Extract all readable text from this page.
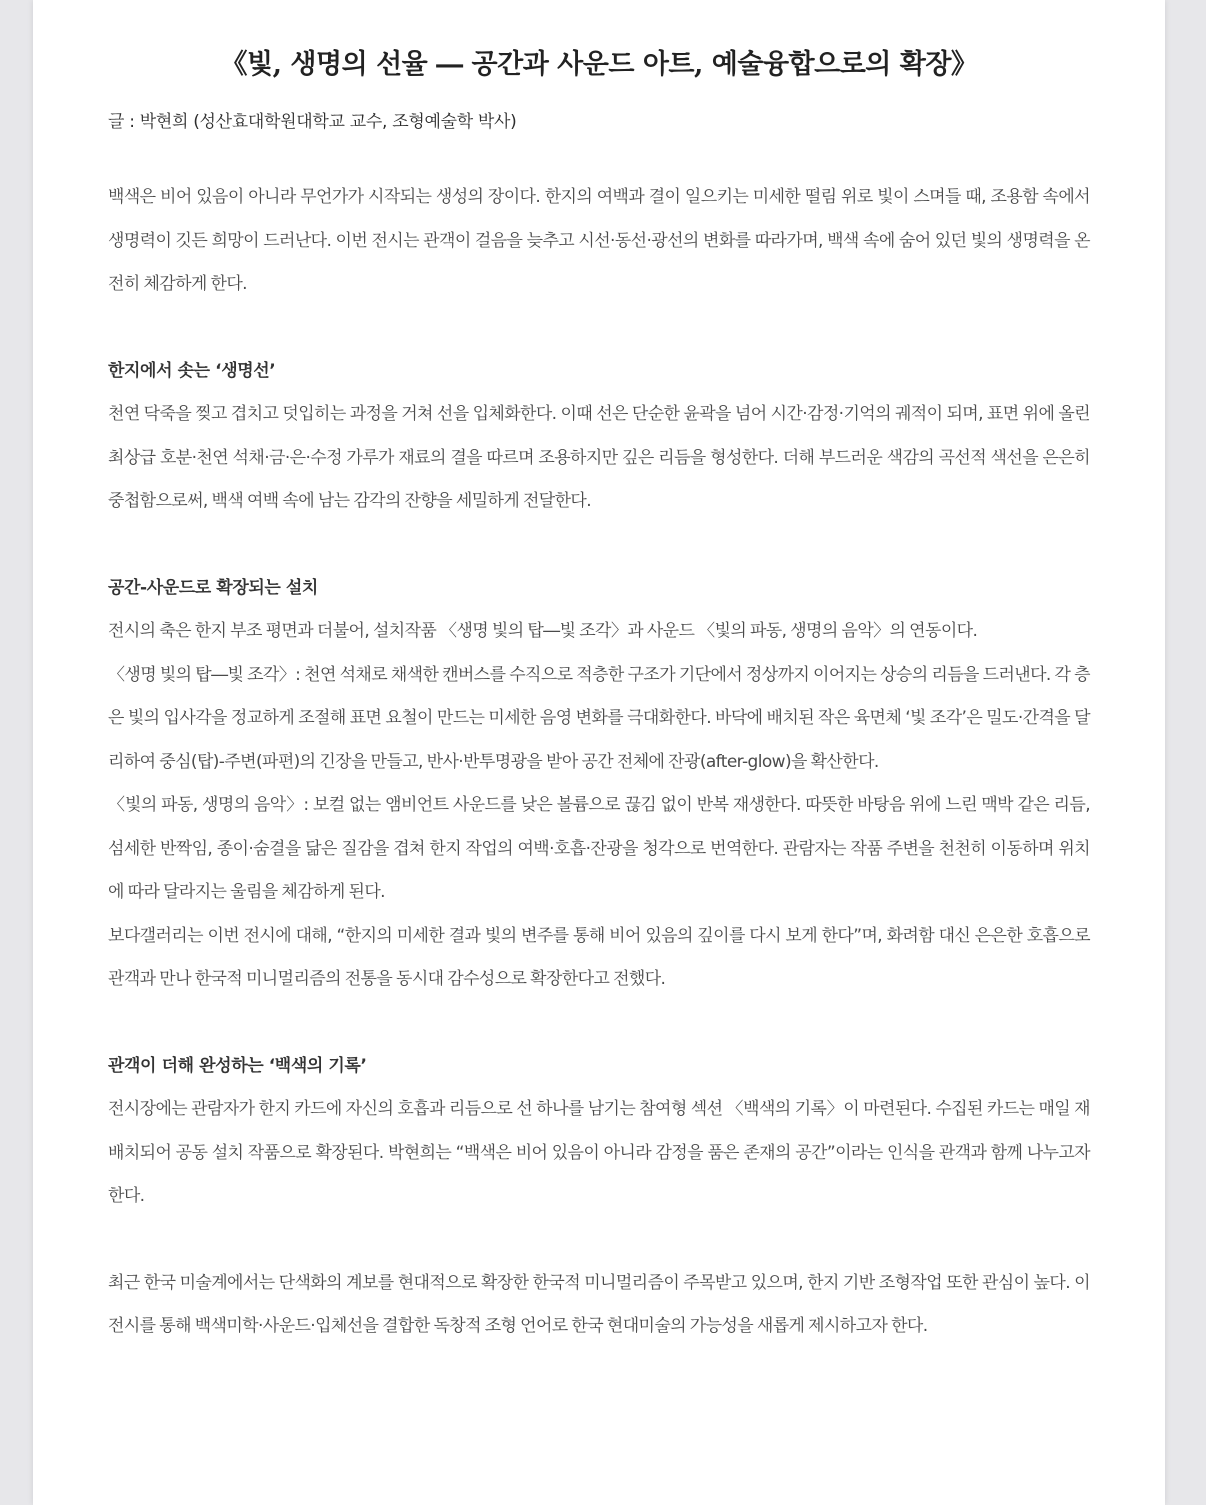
《빛, 생명의 선율 ― 공간과 사운드 아트, 예술융합으로의 확장》
글 : 박현희 (성산효대학원대학교 교수, 조형예술학 박사)

백색은 비어 있음이 아니라 무언가가 시작되는 생성의 장이다. 한지의 여백과 결이 일으키는 미세한 떨림 위로 빛이 스며들 때, 조용함 속에서 생명력이 깃든 희망이 드러난다. 이번 전시는 관객이 걸음을 늦추고 시선·동선·광선의 변화를 따라가며, 백색 속에 숨어 있던 빛의 생명력을 온전히 체감하게 한다.

한지에서 솟는 ‘생명선’

천연 닥죽을 찢고 겹치고 덧입히는 과정을 거쳐 선을 입체화한다. 이때 선은 단순한 윤곽을 넘어 시간·감정·기억의 궤적이 되며, 표면 위에 올린 최상급 호분·천연 석채·금·은·수정 가루가 재료의 결을 따르며 조용하지만 깊은 리듬을 형성한다. 더해 부드러운 색감의 곡선적 색선을 은은히 중첩함으로써, 백색 여백 속에 남는 감각의 잔향을 세밀하게 전달한다.

공간-사운드로 확장되는 설치

전시의 축은 한지 부조 평면과 더불어, 설치작품 〈생명 빛의 탑―빛 조각〉과 사운드 〈빛의 파동, 생명의 음악〉의 연동이다.

〈생명 빛의 탑―빛 조각〉: 천연 석채로 채색한 캔버스를 수직으로 적층한 구조가 기단에서 정상까지 이어지는 상승의 리듬을 드러낸다. 각 층은 빛의 입사각을 정교하게 조절해 표면 요철이 만드는 미세한 음영 변화를 극대화한다. 바닥에 배치된 작은 육면체 ‘빛 조각’은 밀도·간격을 달리하여 중심(탑)-주변(파편)의 긴장을 만들고, 반사·반투명광을 받아 공간 전체에 잔광(after-glow)을 확산한다.

〈빛의 파동, 생명의 음악〉: 보컬 없는 앰비언트 사운드를 낮은 볼륨으로 끊김 없이 반복 재생한다. 따뜻한 바탕음 위에 느린 맥박 같은 리듬, 섬세한 반짝임, 종이·숨결을 닮은 질감을 겹쳐 한지 작업의 여백·호흡·잔광을 청각으로 번역한다. 관람자는 작품 주변을 천천히 이동하며 위치에 따라 달라지는 울림을 체감하게 된다.

보다갤러리는 이번 전시에 대해, “한지의 미세한 결과 빛의 변주를 통해 비어 있음의 깊이를 다시 보게 한다”며, 화려함 대신 은은한 호흡으로 관객과 만나 한국적 미니멀리즘의 전통을 동시대 감수성으로 확장한다고 전했다.

관객이 더해 완성하는 ‘백색의 기록’

전시장에는 관람자가 한지 카드에 자신의 호흡과 리듬으로 선 하나를 남기는 참여형 섹션 〈백색의 기록〉이 마련된다. 수집된 카드는 매일 재배치되어 공동 설치 작품으로 확장된다. 박현희는 “백색은 비어 있음이 아니라 감정을 품은 존재의 공간”이라는 인식을 관객과 함께 나누고자 한다.

최근 한국 미술계에서는 단색화의 계보를 현대적으로 확장한 한국적 미니멀리즘이 주목받고 있으며, 한지 기반 조형작업 또한 관심이 높다. 이 전시를 통해 백색미학·사운드·입체선을 결합한 독창적 조형 언어로 한국 현대미술의 가능성을 새롭게 제시하고자 한다.
